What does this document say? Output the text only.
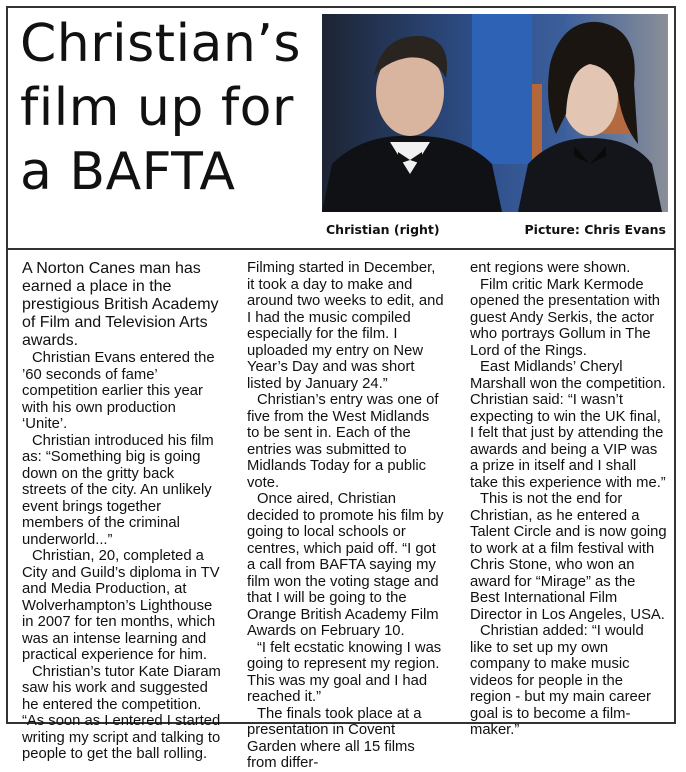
Christian’s film up for a BAFTA
Christian (right)	Picture: Chris Evans

A Norton Canes man has earned a place in the prestigious British Academy of Film and Television Arts awards.

Christian Evans entered the ’60 seconds of fame’ competition earlier this year with his own production ‘Unite’.

Christian introduced his film as: “Something big is going down on the gritty back streets of the city. An unlikely event brings together members of the criminal underworld...”

Christian, 20, completed a City and Guild’s diploma in TV and Media Production, at Wolverhampton’s Lighthouse in 2007 for ten months, which was an intense learning and practical experience for him.

Christian’s tutor Kate Diaram saw his work and suggested he entered the competition.

“As soon as I entered I started writing my script and talking to people to get the ball rolling.

Filming started in December, it took a day to make and around two weeks to edit, and I had the music compiled especially for the film. I uploaded my entry on New Year’s Day and was short listed by January 24.”

Christian’s entry was one of five from the West Midlands to be sent in. Each of the entries was submitted to Midlands Today for a public vote.

Once aired, Christian decided to promote his film by going to local schools or centres, which paid off. “I got a call from BAFTA saying my film won the voting stage and that I will be going to the Orange British Academy Film Awards on February 10.

“I felt ecstatic knowing I was going to represent my region. This was my goal and I had reached it.”

The finals took place at a presentation in Covent Garden where all 15 films from differ-

ent regions were shown.

Film critic Mark Kermode opened the presentation with guest Andy Serkis, the actor who portrays Gollum in The Lord of the Rings.

East Midlands’ Cheryl Marshall won the competition. Christian said: “I wasn’t expecting to win the UK final, I felt that just by attending the awards and being a VIP was a prize in itself and I shall take this experience with me.”

This is not the end for Christian, as he entered a Talent Circle and is now going to work at a film festival with Chris Stone, who won an award for “Mirage” as the Best International Film Director in Los Angeles, USA.

Christian added: “I would like to set up my own company to make music videos for people in the region - but my main career goal is to become a film-maker.”
